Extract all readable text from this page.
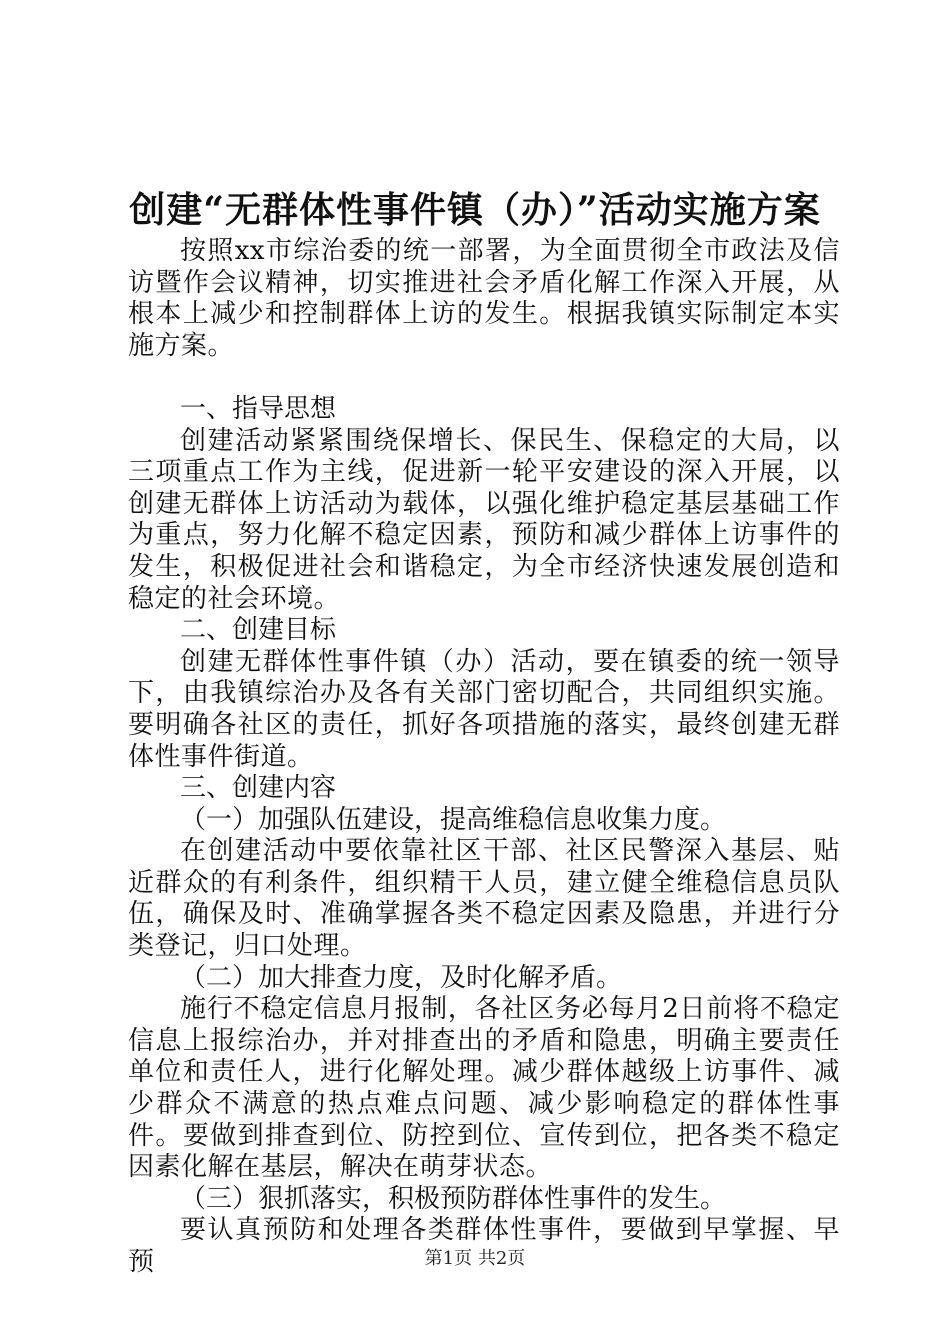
创建“无群体性事件镇（办）”活动实施方案

按照xx市综治委的统一部署，为全面贯彻全市政法及信访暨作会议精神，切实推进社会矛盾化解工作深入开展，从根本上减少和控制群体上访的发生。根据我镇实际制定本实施方案。

一、指导思想

创建活动紧紧围绕保增长、保民生、保稳定的大局，以三项重点工作为主线，促进新一轮平安建设的深入开展，以创建无群体上访活动为载体，以强化维护稳定基层基础工作为重点，努力化解不稳定因素，预防和减少群体上访事件的发生，积极促进社会和谐稳定，为全市经济快速发展创造和稳定的社会环境。

二、创建目标

创建无群体性事件镇（办）活动，要在镇委的统一领导下，由我镇综治办及各有关部门密切配合，共同组织实施。要明确各社区的责任，抓好各项措施的落实，最终创建无群体性事件街道。

三、创建内容

（一）加强队伍建设，提高维稳信息收集力度。

在创建活动中要依靠社区干部、社区民警深入基层、贴近群众的有利条件，组织精干人员，建立健全维稳信息员队伍，确保及时、准确掌握各类不稳定因素及隐患，并进行分类登记，归口处理。

（二）加大排查力度，及时化解矛盾。

施行不稳定信息月报制，各社区务必每月2日前将不稳定信息上报综治办，并对排查出的矛盾和隐患，明确主要责任单位和责任人，进行化解处理。减少群体越级上访事件、减少群众不满意的热点难点问题、减少影响稳定的群体性事件。要做到排查到位、防控到位、宣传到位，把各类不稳定因素化解在基层，解决在萌芽状态。

（三）狠抓落实，积极预防群体性事件的发生。

要认真预防和处理各类群体性事件，要做到早掌握、早预	第1页 共2页
